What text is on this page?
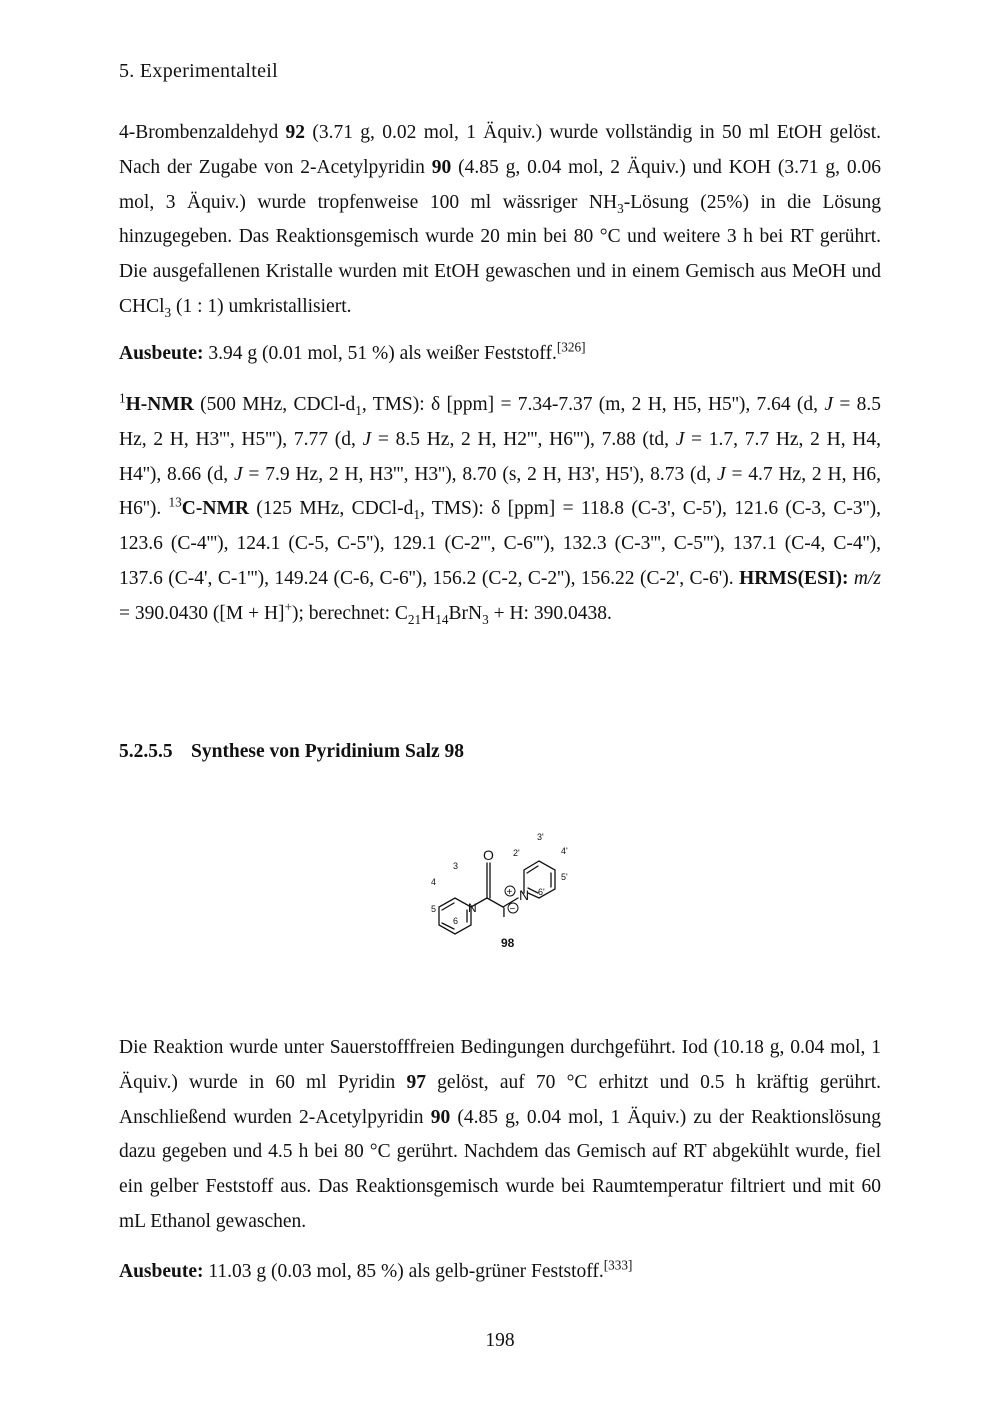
5. Experimentalteil
4-Brombenzaldehyd 92 (3.71 g, 0.02 mol, 1 Äquiv.) wurde vollständig in 50 ml EtOH gelöst. Nach der Zugabe von 2-Acetylpyridin 90 (4.85 g, 0.04 mol, 2 Äquiv.) und KOH (3.71 g, 0.06 mol, 3 Äquiv.) wurde tropfenweise 100 ml wässriger $NH_3$-Lösung (25%) in die Lösung hinzugegeben. Das Reaktionsgemisch wurde 20 min bei 80 °C und weitere 3 h bei RT gerührt. Die ausgefallenen Kristalle wurden mit EtOH gewaschen und in einem Gemisch aus MeOH und CHCl$_3$ (1 : 1) umkristallisiert.
Ausbeute: 3.94 g (0.01 mol, 51 %) als weißer Feststoff.[326]
$^1$H-NMR (500 MHz, CDCl-$d_1$, TMS): δ [ppm] = 7.34-7.37 (m, 2 H, H5, H5''), 7.64 (d, J = 8.5 Hz, 2 H, H3''', H5'''), 7.77 (d, J = 8.5 Hz, 2 H, H2''', H6'''), 7.88 (td, J = 1.7, 7.7 Hz, 2 H, H4, H4''), 8.66 (d, J = 7.9 Hz, 2 H, H3''', H3''), 8.70 (s, 2 H, H3', H5'), 8.73 (d, J = 4.7 Hz, 2 H, H6, H6''). $^{13}$C-NMR (125 MHz, CDCl-$d_1$, TMS): δ [ppm] = 118.8 (C-3', C-5'), 121.6 (C-3, C-3''), 123.6 (C-4'''), 124.1 (C-5, C-5''), 129.1 (C-2''', C-6'''), 132.3 (C-3''', C-5'''), 137.1 (C-4, C-4''), 137.6 (C-4', C-1'''), 149.24 (C-6, C-6''), 156.2 (C-2, C-2''), 156.22 (C-2', C-6'). HRMS(ESI): m/z = 390.0430 ([M + H]+); berechnet: $C_{21}H_{14}BrN_3 + H$: 390.0438.
5.2.5.5 Synthese von Pyridinium Salz 98
O
N
N
I
+
−
3
4
5
6
2'
3'
4'
5'
6'
98
Die Reaktion wurde unter Sauerstofffreien Bedingungen durchgeführt. Iod (10.18 g, 0.04 mol, 1 Äquiv.) wurde in 60 ml Pyridin 97 gelöst, auf 70 °C erhitzt und 0.5 h kräftig gerührt. Anschließend wurden 2-Acetylpyridin 90 (4.85 g, 0.04 mol, 1 Äquiv.) zu der Reaktionslösung dazu gegeben und 4.5 h bei 80 °C gerührt. Nachdem das Gemisch auf RT abgekühlt wurde, fiel ein gelber Feststoff aus. Das Reaktionsgemisch wurde bei Raumtemperatur filtriert und mit 60 mL Ethanol gewaschen.
Ausbeute: 11.03 g (0.03 mol, 85 %) als gelb-grüner Feststoff.[333]
198
